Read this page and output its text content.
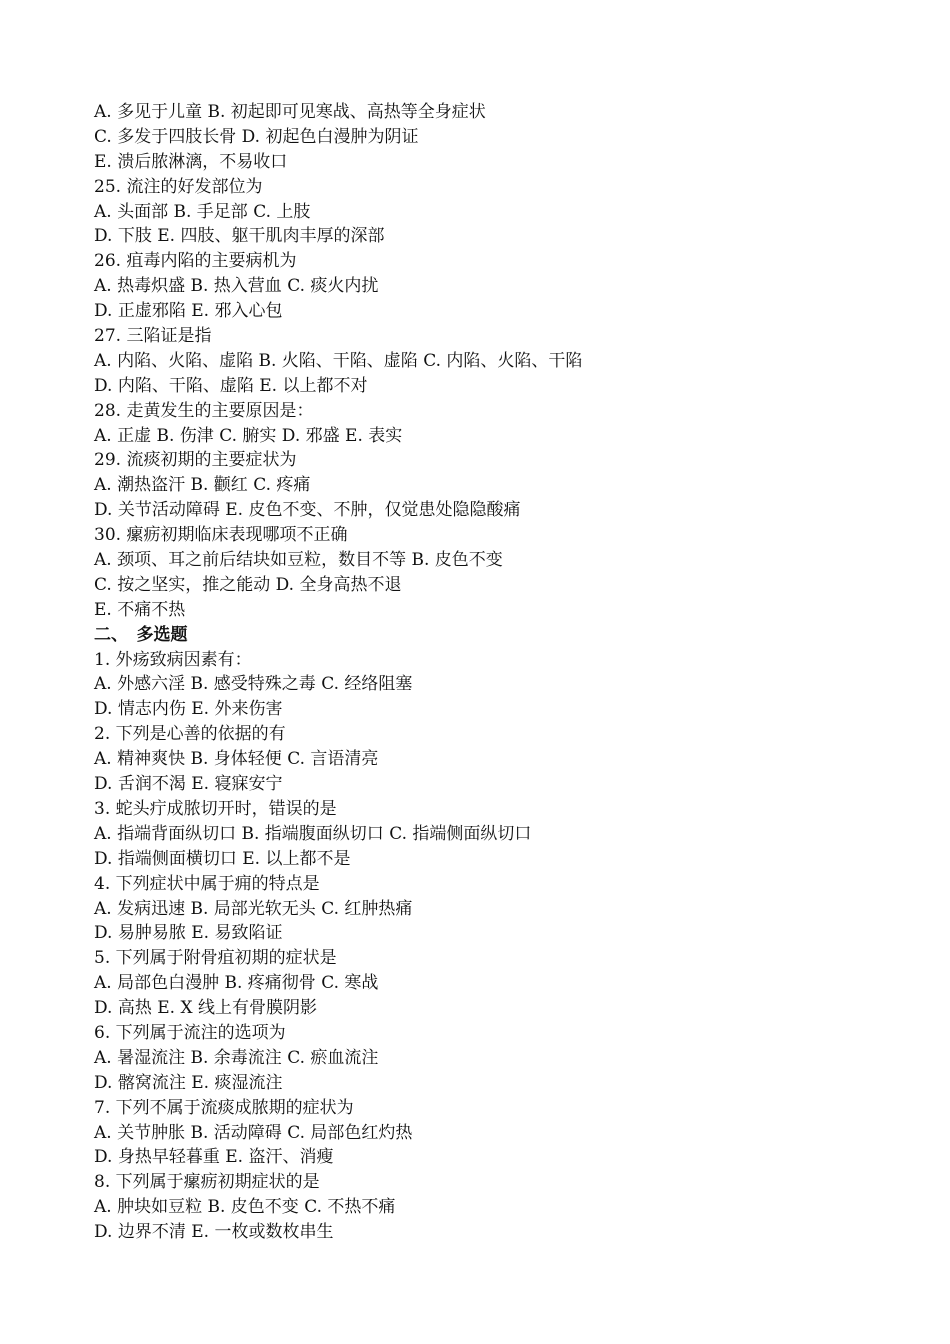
A. 多见于儿童 B. 初起即可见寒战、高热等全身症状
C. 多发于四肢长骨 D. 初起色白漫肿为阴证
E. 溃后脓淋漓，不易收口
25. 流注的好发部位为
A. 头面部 B. 手足部 C. 上肢
D. 下肢 E. 四肢、躯干肌肉丰厚的深部
26. 疽毒内陷的主要病机为
A. 热毒炽盛 B. 热入营血 C. 痰火内扰
D. 正虚邪陷 E. 邪入心包
27. 三陷证是指
A. 内陷、火陷、虚陷 B. 火陷、干陷、虚陷 C. 内陷、火陷、干陷
D. 内陷、干陷、虚陷 E. 以上都不对
28. 走黄发生的主要原因是：
A. 正虚 B. 伤津 C. 腑实 D. 邪盛 E. 表实
29. 流痰初期的主要症状为
A. 潮热盗汗 B. 颧红 C. 疼痛
D. 关节活动障碍 E. 皮色不变、不肿，仅觉患处隐隐酸痛
30. 瘰疬初期临床表现哪项不正确
A. 颈项、耳之前后结块如豆粒，数目不等 B. 皮色不变
C. 按之坚实，推之能动 D. 全身高热不退
E. 不痛不热
二、　多选题
1. 外疡致病因素有：
A. 外感六淫 B. 感受特殊之毒 C. 经络阻塞
D. 情志内伤 E. 外来伤害
2. 下列是心善的依据的有
A. 精神爽快 B. 身体轻便 C. 言语清亮
D. 舌润不渴 E. 寝寐安宁
3. 蛇头疔成脓切开时，错误的是
A. 指端背面纵切口 B. 指端腹面纵切口 C. 指端侧面纵切口
D. 指端侧面横切口 E. 以上都不是
4. 下列症状中属于痈的特点是
A. 发病迅速 B. 局部光软无头 C. 红肿热痛
D. 易肿易脓 E. 易致陷证
5. 下列属于附骨疽初期的症状是
A. 局部色白漫肿 B. 疼痛彻骨 C. 寒战
D. 高热 E. X 线上有骨膜阴影
6. 下列属于流注的选项为
A. 暑湿流注 B. 余毒流注 C. 瘀血流注
D. 髂窝流注 E. 痰湿流注
7. 下列不属于流痰成脓期的症状为
A. 关节肿胀 B. 活动障碍 C. 局部色红灼热
D. 身热早轻暮重 E. 盗汗、消瘦
8. 下列属于瘰疬初期症状的是
A. 肿块如豆粒 B. 皮色不变 C. 不热不痛
D. 边界不清 E. 一枚或数枚串生
